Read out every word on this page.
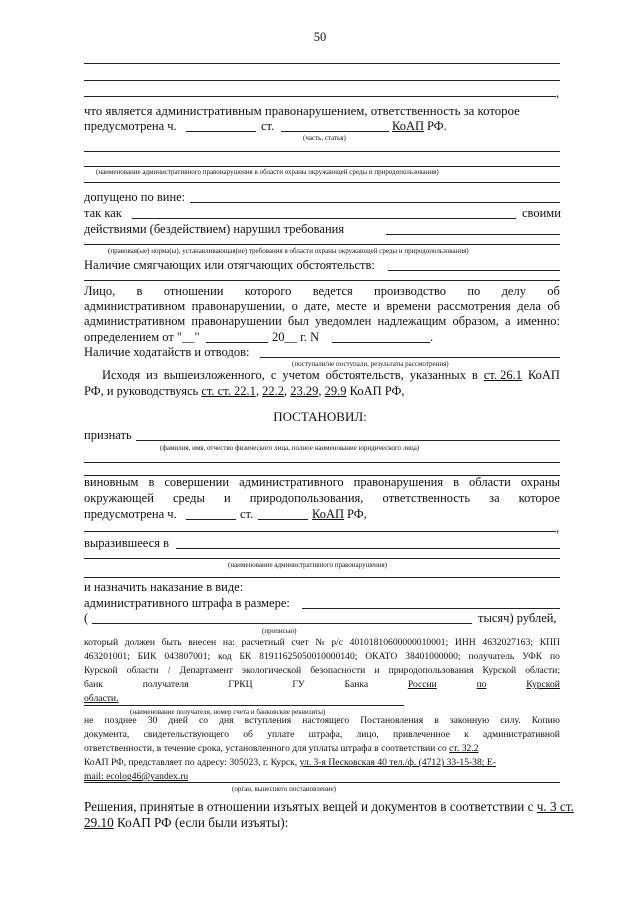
50
,
что является административным правонарушением, ответственность за которое
предусмотрена ч.	ст.	КоАП РФ.
(часть, статья)
(наименование административного правонарушения в области охраны окружающей среды и природопользования)
допущено по вине:
так как	своими
действиями (бездействием) нарушил требования
(правовая(ые) норма(ы), устанавливающая(ие) требования в области охраны окружающей среды и природопользования)
Наличие смягчающих или отягчающих обстоятельств:
Лицо, в отношении которого ведется производство по делу об
административном правонарушении, о дате, месте и времени рассмотрения дела об
административном правонарушении был уведомлен надлежащим образом, а именно:
определением от "__"	20__ г. N	.
Наличие ходатайств и отводов:
(поступали/не поступали, результаты рассмотрения)
Исходя из вышеизложенного, с учетом обстоятельств, указанных в ст. 26.1 КоАП
РФ, и руководствуясь ст. ст. 22.1, 22.2, 23.29, 29.9 КоАП РФ,
ПОСТАНОВИЛ:
признать
(фамилия, имя, отчество физического лица, полное наименование юридического лица)
виновным в совершении административного правонарушения в области охраны
окружающей среды и природопользования, ответственность за которое
предусмотрена ч.	ст.	КоАП РФ,
,
выразившееся в
(наименование административного правонарушения)
и назначить наказание в виде:
административного штрафа в размере:
(	тысяч) рублей,
(прописью)
который должен быть внесен на: расчетный счет № р/с 40101810600000010001; ИНН 4632027163; КПП
463201001; БИК 043807001; код БК 81911625050010000140; ОКАТО 38401000000; получатель УФК по
Курской области / Департамент экологической безопасности и природопользования Курской области;
банк	получателя	ГРКЦ	ГУ	Банка	России	по	Курской
области.
(наименование получателя, номер счета и банковские реквизиты)
не позднее 30 дней со дня вступления настоящего Постановления в законную силу. Копию
документа, свидетельствующего об уплате штрафа, лицо, привлеченное к административной
ответственности, в течение срока, установленного для уплаты штрафа в соответствии со ст. 32.2
КоАП РФ, представляет по адресу: 305023, г. Курск, ул. 3-я Песковская 40 тел./ф. (4712) 33-15-38; E-
mail: ecolog46@yandex.ru
(орган, вынесшего постановление)
Решения, принятые в отношении изъятых вещей и документов в соответствии с ч. 3 ст.
29.10 КоАП РФ (если были изъяты):
